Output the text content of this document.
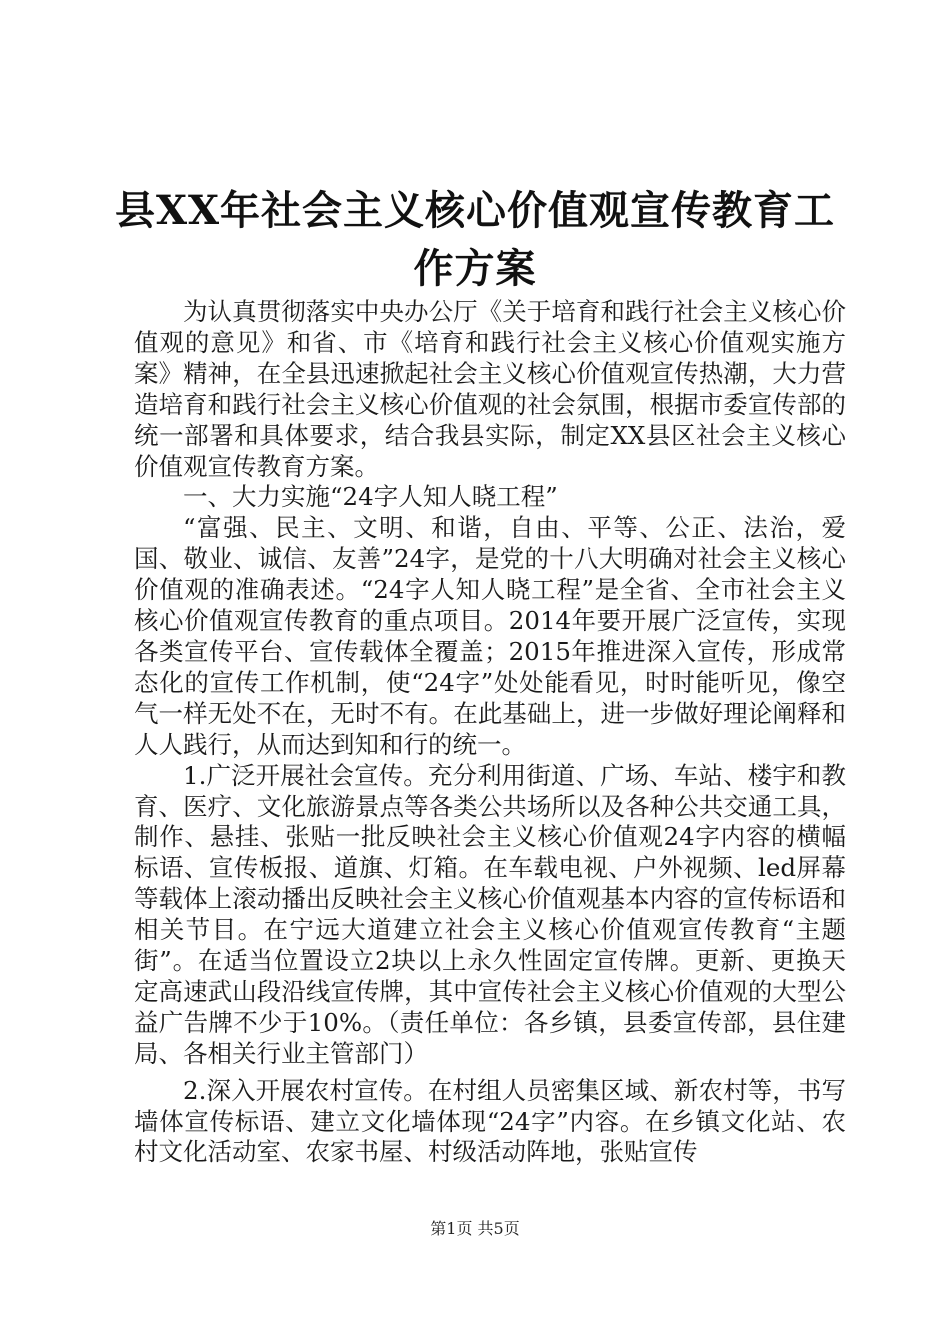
县XX年社会主义核心价值观宣传教育工作方案

为认真贯彻落实中央办公厅《关于培育和践行社会主义核心价值观的意见》和省、市《培育和践行社会主义核心价值观实施方案》精神，在全县迅速掀起社会主义核心价值观宣传热潮，大力营造培育和践行社会主义核心价值观的社会氛围，根据市委宣传部的统一部署和具体要求，结合我县实际，制定XX县区社会主义核心价值观宣传教育方案。

一、大力实施“24字人知人晓工程”

“富强、民主、文明、和谐，自由、平等、公正、法治，爱国、敬业、诚信、友善”24字，是党的十八大明确对社会主义核心价值观的准确表述。“24字人知人晓工程”是全省、全市社会主义核心价值观宣传教育的重点项目。2014年要开展广泛宣传，实现各类宣传平台、宣传载体全覆盖；2015年推进深入宣传，形成常态化的宣传工作机制，使“24字”处处能看见，时时能听见，像空气一样无处不在，无时不有。在此基础上，进一步做好理论阐释和人人践行，从而达到知和行的统一。

1.广泛开展社会宣传。充分利用街道、广场、车站、楼宇和教育、医疗、文化旅游景点等各类公共场所以及各种公共交通工具，制作、悬挂、张贴一批反映社会主义核心价值观24字内容的横幅标语、宣传板报、道旗、灯箱。在车载电视、户外视频、led屏幕等载体上滚动播出反映社会主义核心价值观基本内容的宣传标语和相关节目。在宁远大道建立社会主义核心价值观宣传教育“主题街”。在适当位置设立2块以上永久性固定宣传牌。更新、更换天定高速武山段沿线宣传牌，其中宣传社会主义核心价值观的大型公益广告牌不少于10%。（责任单位：各乡镇，县委宣传部，县住建局、各相关行业主管部门）

2.深入开展农村宣传。在村组人员密集区域、新农村等，书写墙体宣传标语、建立文化墙体现“24字”内容。在乡镇文化站、农村文化活动室、农家书屋、村级活动阵地，张贴宣传

第1页 共5页
